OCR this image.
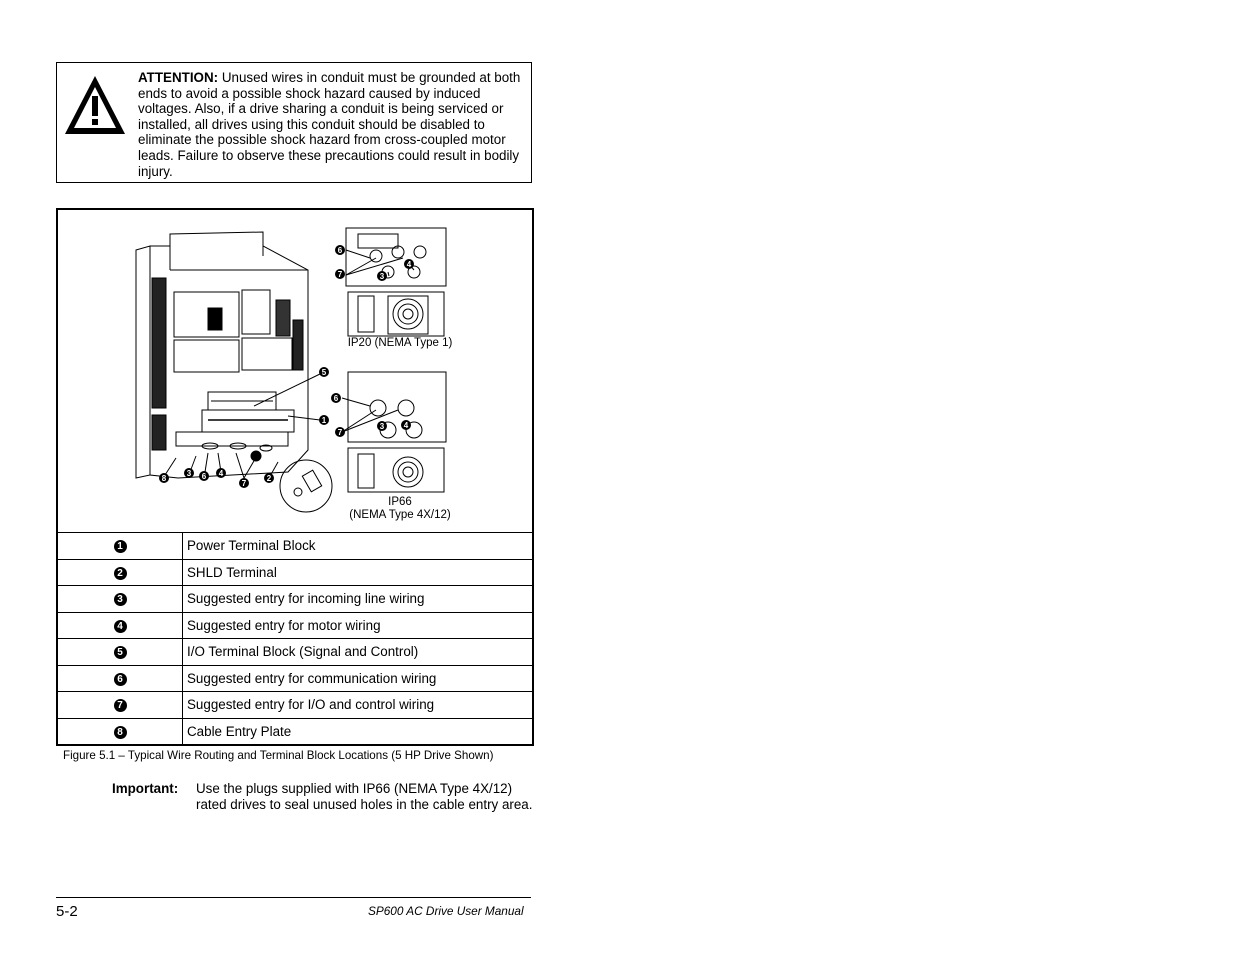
ATTENTION: Unused wires in conduit must be grounded at both ends to avoid a possible shock hazard caused by induced voltages. Also, if a drive sharing a conduit is being serviced or installed, all drives using this conduit should be disabled to eliminate the possible shock hazard from cross-coupled motor leads. Failure to observe these precautions could result in bodily injury.
5
1
8
3 6 4
7
2
6
7	3
4
6
7
3 4
IP20 (NEMA Type 1)
IP66
(NEMA Type 4X/12)
1	Power Terminal Block
2	SHLD Terminal
3	Suggested entry for incoming line wiring
4	Suggested entry for motor wiring
5	I/O Terminal Block (Signal and Control)
6	Suggested entry for communication wiring
7	Suggested entry for I/O and control wiring
8	Cable Entry Plate
Figure 5.1 – Typical Wire Routing and Terminal Block Locations (5 HP Drive Shown)
Important: Use the plugs supplied with IP66 (NEMA Type 4X/12) rated drives to seal unused holes in the cable entry area.
5-2	SP600 AC Drive User Manual
